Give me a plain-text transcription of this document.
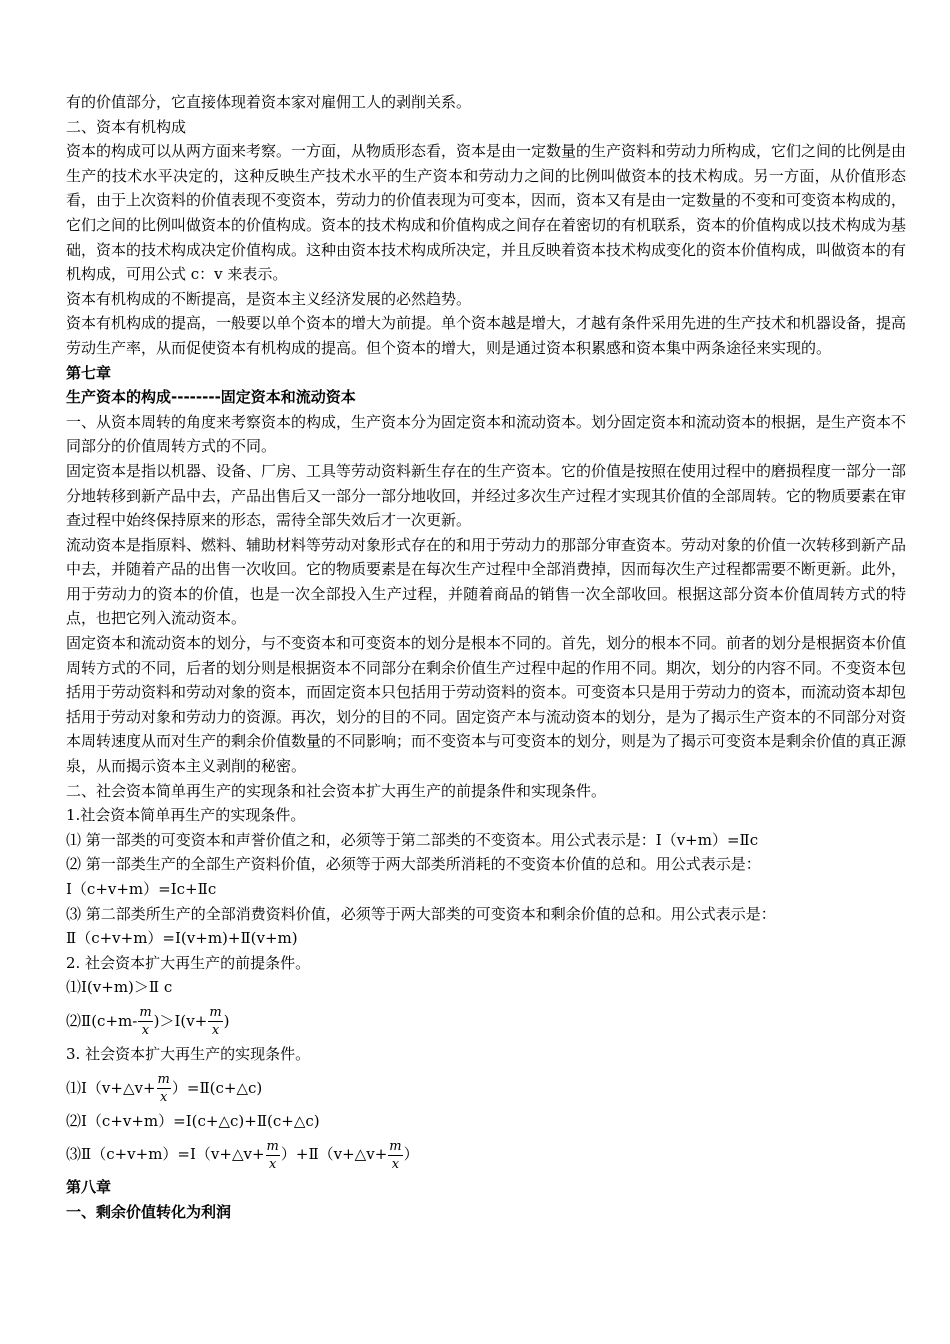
有的价值部分，它直接体现着资本家对雇佣工人的剥削关系。

二、资本有机构成

资本的构成可以从两方面来考察。一方面，从物质形态看，资本是由一定数量的生产资料和劳动力所构成，它们之间的比例是由生产的技术水平决定的，这种反映生产技术水平的生产资本和劳动力之间的比例叫做资本的技术构成。另一方面，从价值形态看，由于上次资料的价值表现不变资本，劳动力的价值表现为可变本，因而，资本又有是由一定数量的不变和可变资本构成的，它们之间的比例叫做资本的价值构成。资本的技术构成和价值构成之间存在着密切的有机联系，资本的价值构成以技术构成为基础，资本的技术构成决定价值构成。这种由资本技术构成所决定，并且反映着资本技术构成变化的资本价值构成，叫做资本的有机构成，可用公式 c：v 来表示。

资本有机构成的不断提高，是资本主义经济发展的必然趋势。

资本有机构成的提高，一般要以单个资本的增大为前提。单个资本越是增大，才越有条件采用先进的生产技术和机器设备，提高劳动生产率，从而促使资本有机构成的提高。但个资本的增大，则是通过资本积累感和资本集中两条途径来实现的。

第七章

生产资本的构成--------固定资本和流动资本

一、从资本周转的角度来考察资本的构成，生产资本分为固定资本和流动资本。划分固定资本和流动资本的根据，是生产资本不同部分的价值周转方式的不同。

固定资本是指以机器、设备、厂房、工具等劳动资料新生存在的生产资本。它的价值是按照在使用过程中的磨损程度一部分一部分地转移到新产品中去，产品出售后又一部分一部分地收回，并经过多次生产过程才实现其价值的全部周转。它的物质要素在审查过程中始终保持原来的形态，需待全部失效后才一次更新。

流动资本是指原料、燃料、辅助材料等劳动对象形式存在的和用于劳动力的那部分审查资本。劳动对象的价值一次转移到新产品中去，并随着产品的出售一次收回。它的物质要素是在每次生产过程中全部消费掉，因而每次生产过程都需要不断更新。此外，用于劳动力的资本的价值，也是一次全部投入生产过程，并随着商品的销售一次全部收回。根据这部分资本价值周转方式的特点，也把它列入流动资本。

固定资本和流动资本的划分，与不变资本和可变资本的划分是根本不同的。首先，划分的根本不同。前者的划分是根据资本价值周转方式的不同，后者的划分则是根据资本不同部分在剩余价值生产过程中起的作用不同。期次，划分的内容不同。不变资本包括用于劳动资料和劳动对象的资本，而固定资本只包括用于劳动资料的资本。可变资本只是用于劳动力的资本，而流动资本却包括用于劳动对象和劳动力的资源。再次，划分的目的不同。固定资产本与流动资本的划分，是为了揭示生产资本的不同部分对资本周转速度从而对生产的剩余价值数量的不同影响；而不变资本与可变资本的划分，则是为了揭示可变资本是剩余价值的真正源泉，从而揭示资本主义剥削的秘密。

二、社会资本简单再生产的实现条和社会资本扩大再生产的前提条件和实现条件。

1.社会资本简单再生产的实现条件。

⑴ 第一部类的可变资本和声誉价值之和，必须等于第二部类的不变资本。用公式表示是：Ⅰ（v+m）=Ⅱc

⑵ 第一部类生产的全部生产资料价值，必须等于两大部类所消耗的不变资本价值的总和。用公式表示是：

Ⅰ（c+v+m）=Ⅰc+Ⅱc

⑶ 第二部类所生产的全部消费资料价值，必须等于两大部类的可变资本和剩余价值的总和。用公式表示是：

Ⅱ（c+v+m）=Ⅰ(v+m)+Ⅱ(v+m)

2. 社会资本扩大再生产的前提条件。

⑴Ⅰ(v+m)＞Ⅱ c

⑵Ⅱ(c+m- $\frac{m}{x}$ )＞Ⅰ(v+ $\frac{m}{x}$ )

3. 社会资本扩大再生产的实现条件。

⑴Ⅰ（v+△v+ $\frac{m}{x}$ ）=Ⅱ(c+△c)

⑵Ⅰ（c+v+m）=Ⅰ(c+△c)+Ⅱ(c+△c)

⑶Ⅱ（c+v+m）=Ⅰ（v+△v+ $\frac{m}{x}$ ）+Ⅱ（v+△v+ $\frac{m}{x}$ ）

第八章

一、剩余价值转化为利润
